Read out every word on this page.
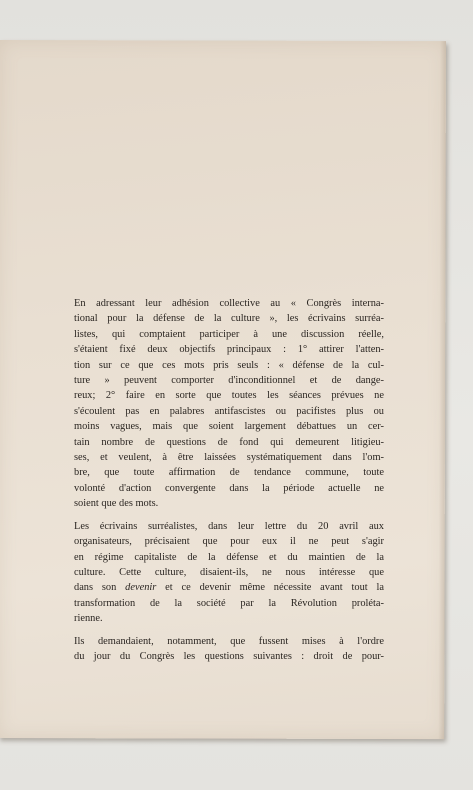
En adressant leur adhésion collective au « Congrès interna-
tional pour la défense de la culture », les écrivains surréa-
listes, qui comptaient participer à une discussion réelle,
s'étaient fixé deux objectifs principaux : 1° attirer l'atten-
tion sur ce que ces mots pris seuls : « défense de la cul-
ture » peuvent comporter d'inconditionnel et de dange-
reux; 2° faire en sorte que toutes les séances prévues ne
s'écoulent pas en palabres antifascistes ou pacifistes plus ou
moins vagues, mais que soient largement débattues un cer-
tain nombre de questions de fond qui demeurent litigieu-
ses, et veulent, à être laissées systématiquement dans l'om-
bre, que toute affirmation de tendance commune, toute
volonté d'action convergente dans la période actuelle ne
soient que des mots.
Les écrivains surréalistes, dans leur lettre du 20 avril aux
organisateurs, précisaient que pour eux il ne peut s'agir
en régime capitaliste de la défense et du maintien de la
culture. Cette culture, disaient-ils, ne nous intéresse que
dans son devenir et ce devenir même nécessite avant tout la
transformation de la société par la Révolution proléta-
rienne.
Ils demandaient, notamment, que fussent mises à l'ordre
du jour du Congrès les questions suivantes : droit de pour-
